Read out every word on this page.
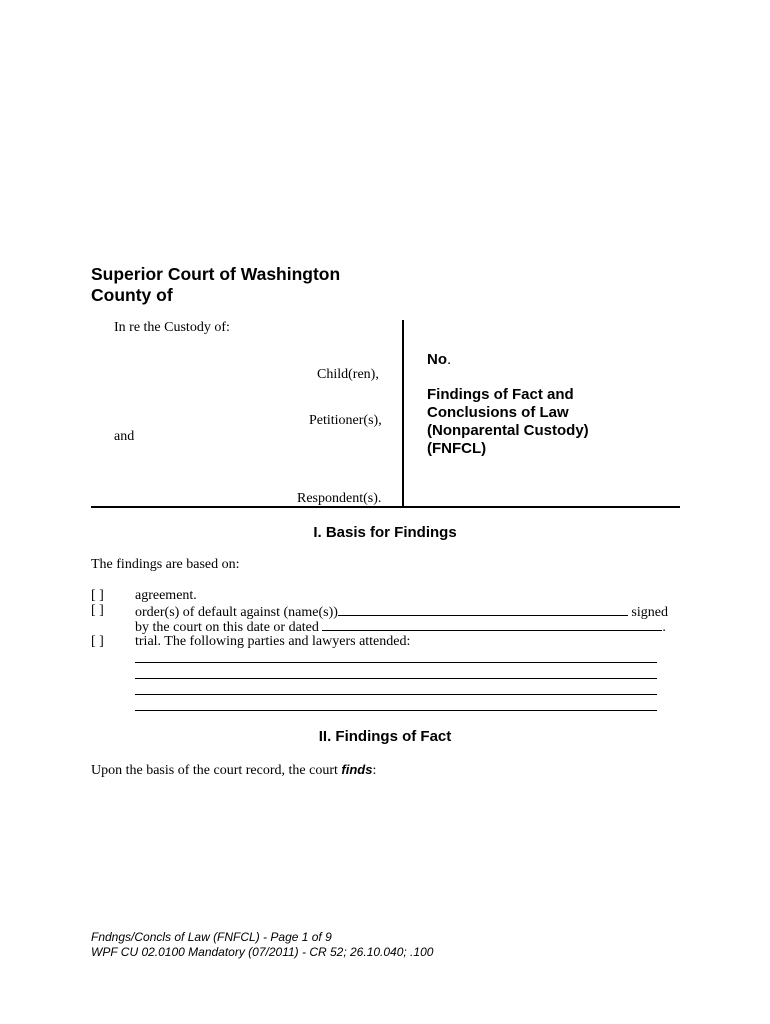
Superior Court of Washington
County of
In re the Custody of:
Child(ren),
Petitioner(s),
and
Respondent(s).
No.
Findings of Fact and
Conclusions of Law
(Nonparental Custody)
(FNFCL)
I. Basis for Findings
The findings are based on:
[ ] agreement.
[ ] order(s) of default against (name(s))	signed
by the court on this date or dated	.
[ ] trial. The following parties and lawyers attended:
II. Findings of Fact
Upon the basis of the court record, the court finds:
Fndngs/Concls of Law (FNFCL) - Page 1 of 9
WPF CU 02.0100 Mandatory (07/2011) - CR 52; 26.10.040; .100
